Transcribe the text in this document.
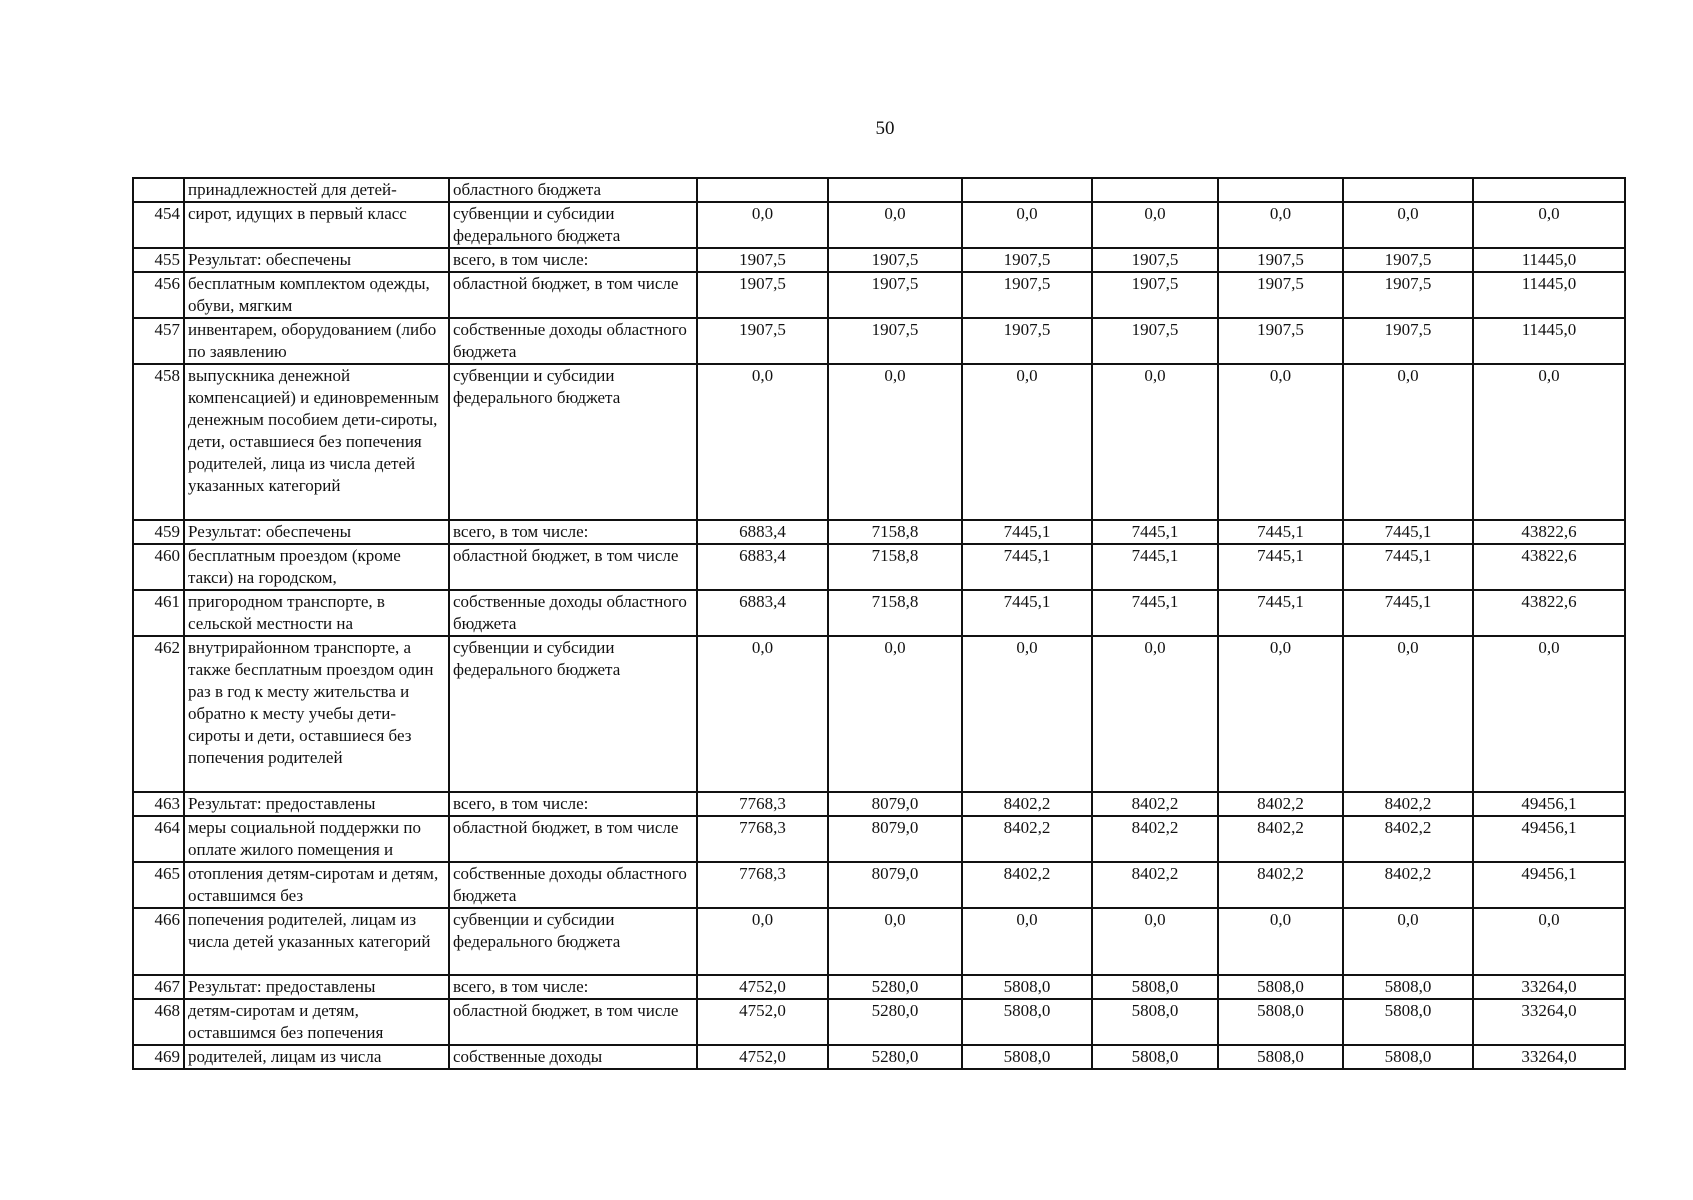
50
	принадлежностей для детей-	областного бюджета							
454	сирот, идущих в первый класс	субвенции и субсидии федерального бюджета	0,0	0,0	0,0	0,0	0,0	0,0	0,0
455	Результат: обеспечены	всего, в том числе:	1907,5	1907,5	1907,5	1907,5	1907,5	1907,5	11445,0
456	бесплатным комплектом одежды, обуви, мягким	областной бюджет, в том числе	1907,5	1907,5	1907,5	1907,5	1907,5	1907,5	11445,0
457	инвентарем, оборудованием (либо по заявлению	собственные доходы областного бюджета	1907,5	1907,5	1907,5	1907,5	1907,5	1907,5	11445,0
458	выпускника денежной компенсацией) и единовременным денежным пособием дети-сироты, дети, оставшиеся без попечения родителей, лица из числа детей указанных категорий	субвенции и субсидии федерального бюджета	0,0	0,0	0,0	0,0	0,0	0,0	0,0
459	Результат: обеспечены	всего, в том числе:	6883,4	7158,8	7445,1	7445,1	7445,1	7445,1	43822,6
460	бесплатным проездом (кроме такси) на городском,	областной бюджет, в том числе	6883,4	7158,8	7445,1	7445,1	7445,1	7445,1	43822,6
461	пригородном транспорте, в сельской местности на	собственные доходы областного бюджета	6883,4	7158,8	7445,1	7445,1	7445,1	7445,1	43822,6
462	внутрирайонном транспорте, а также бесплатным проездом один раз в год к месту жительства и обратно к месту учебы дети-сироты и дети, оставшиеся без попечения родителей	субвенции и субсидии федерального бюджета	0,0	0,0	0,0	0,0	0,0	0,0	0,0
463	Результат: предоставлены	всего, в том числе:	7768,3	8079,0	8402,2	8402,2	8402,2	8402,2	49456,1
464	меры социальной поддержки по оплате жилого помещения и	областной бюджет, в том числе	7768,3	8079,0	8402,2	8402,2	8402,2	8402,2	49456,1
465	отопления детям-сиротам и детям, оставшимся без	собственные доходы областного бюджета	7768,3	8079,0	8402,2	8402,2	8402,2	8402,2	49456,1
466	попечения родителей, лицам из числа детей указанных категорий	субвенции и субсидии федерального бюджета	0,0	0,0	0,0	0,0	0,0	0,0	0,0
467	Результат: предоставлены	всего, в том числе:	4752,0	5280,0	5808,0	5808,0	5808,0	5808,0	33264,0
468	детям-сиротам и детям, оставшимся без попечения	областной бюджет, в том числе	4752,0	5280,0	5808,0	5808,0	5808,0	5808,0	33264,0
469	родителей, лицам из числа	собственные доходы	4752,0	5280,0	5808,0	5808,0	5808,0	5808,0	33264,0
